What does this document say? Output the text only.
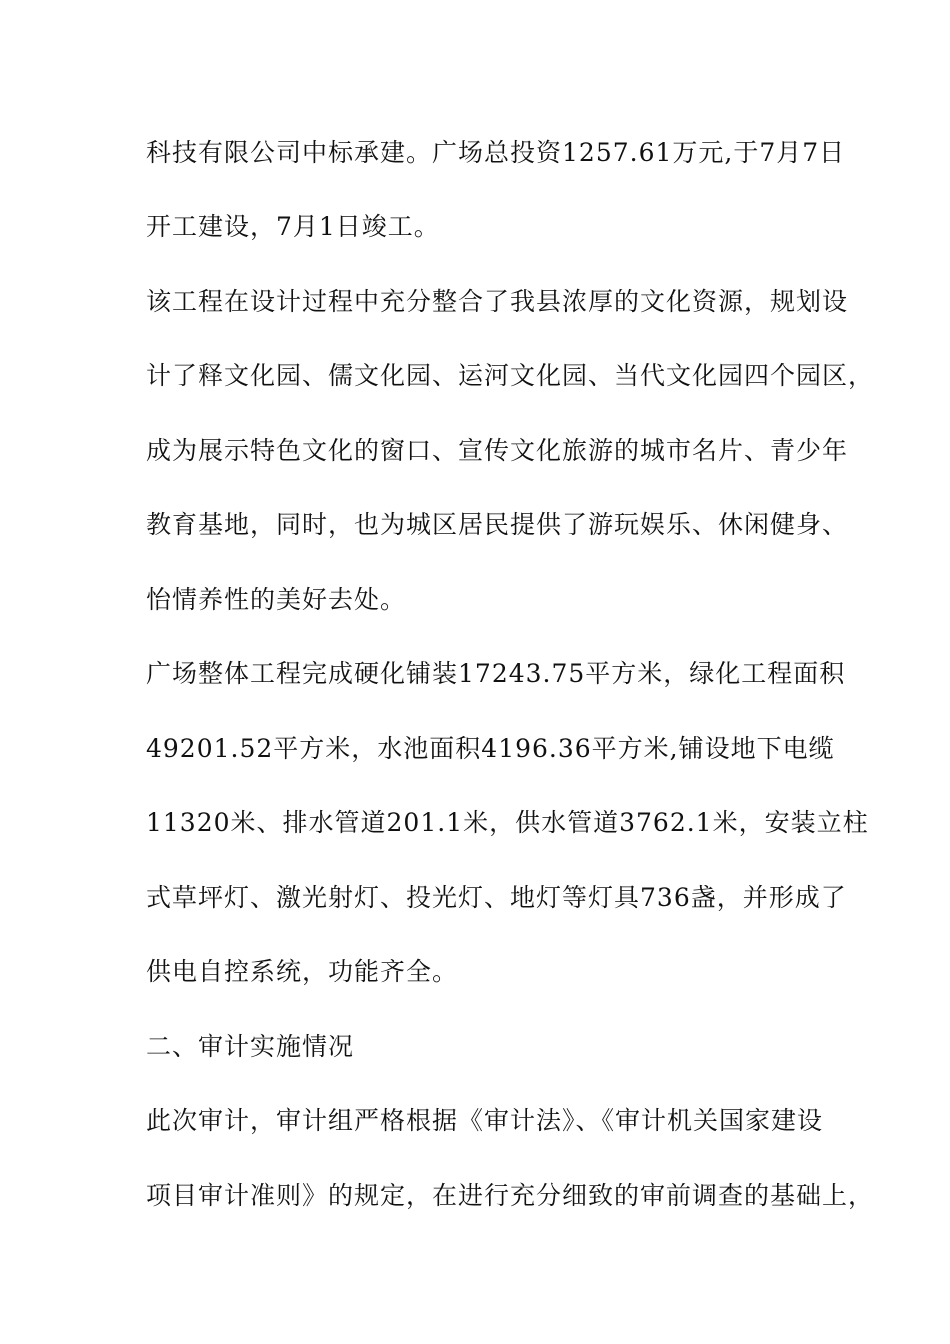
科技有限公司中标承建。广场总投资1257.61万元,于7月7日
开工建设，7月1日竣工。
该工程在设计过程中充分整合了我县浓厚的文化资源，规划设
计了释文化园、儒文化园、运河文化园、当代文化园四个园区，
成为展示特色文化的窗口、宣传文化旅游的城市名片、青少年
教育基地，同时，也为城区居民提供了游玩娱乐、休闲健身、
怡情养性的美好去处。
广场整体工程完成硬化铺装17243.75平方米，绿化工程面积
49201.52平方米，水池面积4196.36平方米,铺设地下电缆
11320米、排水管道201.1米，供水管道3762.1米，安装立柱
式草坪灯、激光射灯、投光灯、地灯等灯具736盏，并形成了
供电自控系统，功能齐全。
二、审计实施情况
此次审计，审计组严格根据《审计法》、《审计机关国家建设
项目审计准则》的规定，在进行充分细致的审前调查的基础上，
